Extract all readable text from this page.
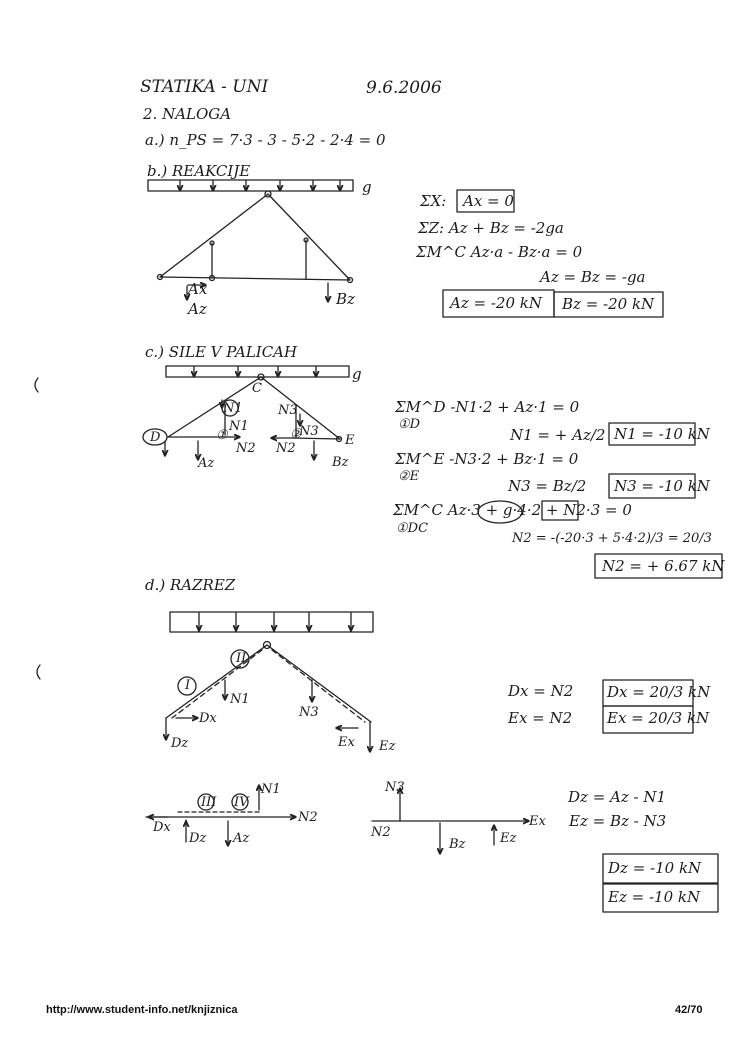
STATIKA - UNI	9.6.2006
2. NALOGA
a.) n_PS = 7·3 - 3 - 5·2 - 2·4 = 0
b.) REAKCIJE
g
Ax
Az
Bz
ΣX: Ax = 0
ΣZ: Az + Bz = -2ga
ΣM^C Az·a - Bz·a = 0
Az = Bz = -ga
Az = -20 kN Bz = -20 kN
c.) SILE V PALICAH
g
C
D	E
N1
N1
①
N2
Az
N3
N3
②
N2
Bz
ΣM^D -N1·2 + Az·1 = 0
①D
N1 = + Az/2 N1 = -10 kN
ΣM^E -N3·2 + Bz·1 = 0
②E
N3 = Bz/2 N3 = -10 kN
ΣM^C Az·3 + g·4·2 + N2·3 = 0
①DC
N2 = -(-20·3 + 5·4·2)/3 = 20/3
N2 = + 6.67 kN
d.) RAZREZ
II
I
N1
N3
Dx
Dz	Ex Ez
Dx = N2
Ex = N2
Dx = 20/3 kN
Ex = 20/3 kN
N1
III IV
N2
Dx
Dz Az
N3
N2
Ex
Bz	Ez
Dz = Az - N1
Ez = Bz - N3
Dz = -10 kN
Ez = -10 kN
http://www.student-info.net/knjiznica	42/70
